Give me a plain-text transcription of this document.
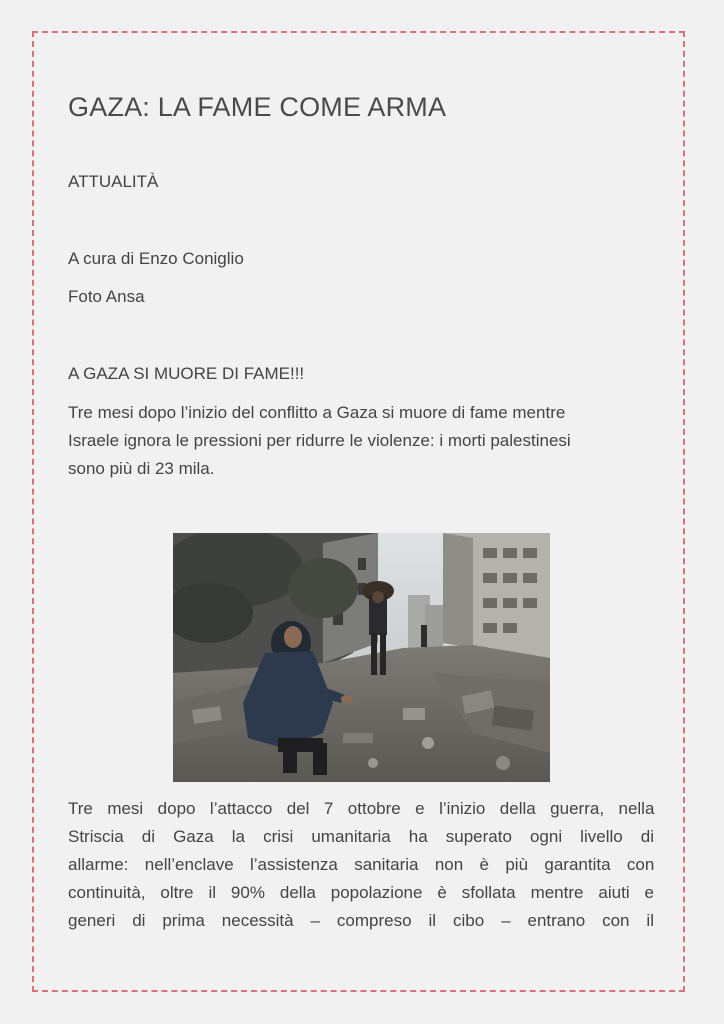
GAZA: LA FAME COME ARMA
ATTUALITÀ
A cura di Enzo Coniglio
Foto Ansa
A GAZA SI MUORE DI FAME!!!

Tre mesi dopo l’inizio del conflitto a Gaza si muore di fame mentre
Israele ignora le pressioni per ridurre le violenze: i morti palestinesi
sono più di 23 mila.

Tre mesi dopo l’attacco del 7 ottobre e l’inizio della guerra, nella
Striscia di Gaza la crisi umanitaria ha superato ogni livello di
allarme: nell’enclave l’assistenza sanitaria non è più garantita con
continuità, oltre il 90% della popolazione è sfollata mentre aiuti e
generi di prima necessità – compreso il cibo – entrano con il
